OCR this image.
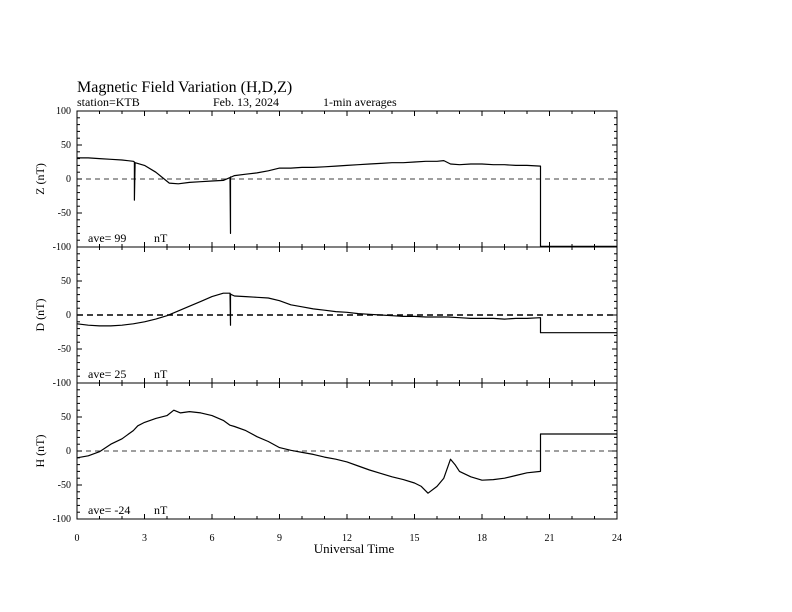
Magnetic Field Variation (H,D,Z)
station=KTB	Feb. 13, 2024	1-min averages
Universal Time
100
50
0
-50
-100
Z (nT)
ave= 99 nT
50
0
-50
-100
D (nT)
ave= 25 nT
50
0
-50
-100
H (nT)
ave= -24 nT
0	3	6	9	12	15	18	21	24
